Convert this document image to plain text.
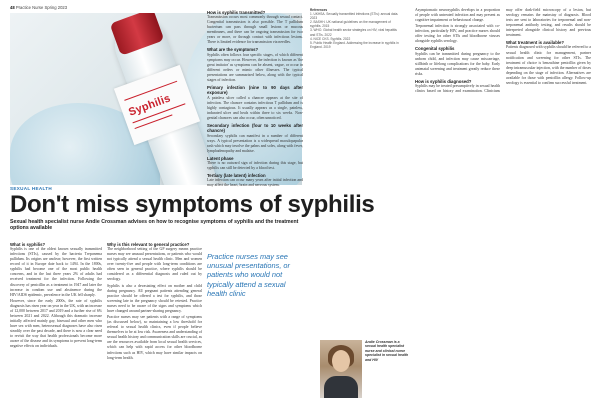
48 Practice Nurse Spring 2023
Syphilis
SEXUAL HEALTH
Don't miss symptoms of syphilis
Sexual health specialist nurse Andie Crossman advises on how to recognise symptoms of syphilis and the treatment options available
What is syphilis?

Syphilis is one of the oldest known sexually transmitted infections (STIs), caused by the bacteria Treponema pallidum. Its origins are unclear; however, the first written record of it in Europe date back to 1494. In the 1800s, syphilis had become one of the most public health concerns, and in the last three years 2% of adults had received treatment for the infection. Following the discovery of penicillin as a treatment in 1947 and later the increase in condom use and abstinence during the HIV/AIDS epidemic, prevalence in the UK fell sharply.

However, since the early 2000s, the rate of syphilis diagnosis has risen year on year in the UK, with an increase of 12,000 between 2017 and 2019 and a further rise of 6% between 2021 and 2022. Although this dramatic increase initially affected mainly gay, bisexual and other men who have sex with men, heterosexual diagnoses have also risen steadily over the past decade, and there is now a clear need to revisit the way that health professionals become more aware of the disease and its symptoms to prevent long-term negative effects on individuals.

Why is this relevant to general practice?

The neighborhood setting of the GP surgery means practice nurses may see unusual presentations, or patients who would not typically attend a sexual health clinic. Men and women over twenty-five and people with long-term conditions are often seen in general practice, where syphilis should be considered as a differential diagnosis and ruled out by serology.

Syphilis is also a devastating effect on mother and child during pregnancy. All pregnant patients attending general practice should be offered a test for syphilis, and those screening late in the pregnancy should be retested. Practice nurses need to be aware of the signs and symptoms which have changed around partner-sharing pregnancy.

Practice nurses may see patients with a range of symptoms (as discussed below), so maintaining a low threshold for referral to sexual health clinics, even if people believe themselves to be at low risk. Awareness and understanding of sexual health history and communication skills are crucial, as are the resources available from local sexual health services, which can help with rapid access for other bloodborne infections such as HIV, which may have similar impacts on long-term health.

Practice nurses may see unusual presentations, or patients who would not typically attend a sexual health clinic
How is syphilis transmitted?

Transmission occurs most commonly through sexual contact. Congenital transmission is also possible. The T pallidum bacterium can pass through small lesions or mucous membranes, and there can be ongoing transmission for two years or more, or through contact with infectious lesions. There is limited evidence for transmission via needles.

What are the symptoms?

Syphilis often follows four specific stages, of which different symptoms may occur. However, the infection is known as 'the great imitator' as symptoms can be absent, vague, or occur in different orders or mimic other illnesses. The typical presentations are summarised below, along with the typical stages of infection.

Primary infection (nine to 90 days after exposure)

A painless ulcer called a chancre appears at the site of infection. The chancre contains infectious T pallidum and is highly contagious. It usually appears as a single, painless, indurated ulcer and heals within three to six weeks. Non-genital chancres can also occur, often unnoticed.

Secondary infection (four to 10 weeks after chancre)

Secondary syphilis can manifest in a number of different ways. A typical presentation is a widespread maculopapular rash which may involve the palms and soles, along with fever, lymphadenopathy and malaise.

Latent phase

There is no outward sign of infection during this stage, but syphilis can still be detected by a blood test.

Tertiary (late latent) infection

Late infection can occur many years after initial infection and may affect the heart, brain and nervous system.

References
1. UKHSA. Sexually transmitted infections (STIs): annual data. 2023
2. BASHH. UK national guidelines on the management of syphilis. 2015
3. WHO. Global health sector strategies on HIV, viral hepatitis and STIs. 2022
4. NICE CKS. Syphilis. 2022
5. Public Health England. Addressing the increase in syphilis in England. 2019

Asymptomatic neurosyphilis develops in a proportion of people with untreated infection and may present as cognitive impairment or behavioural change.

Treponemal infection is strongly associated with co-infection, particularly HIV, and practice nurses should offer testing for other STIs and bloodborne viruses alongside syphilis serology.

Congenital syphilis

Syphilis can be transmitted during pregnancy to the unborn child, and infection may cause miscarriage, stillbirth or lifelong complications for the baby. Early antenatal screening and treatment greatly reduce these risks.

How is syphilis diagnosed?

Syphilis may be treated presumptively in sexual health clinics based on history and examination. Clinicians may offer dark-field microscopy of a lesion, but serology remains the mainstay of diagnosis. Blood tests are sent to laboratories for treponemal and non-treponemal antibody testing, and results should be interpreted alongside clinical history and previous treatment.

What treatment is available?

Patients diagnosed with syphilis should be referred to a sexual health clinic for management, partner notification and screening for other STIs. The treatment of choice is benzathine penicillin given by deep intramuscular injection, with the number of doses depending on the stage of infection. Alternatives are available for those with penicillin allergy. Follow-up serology is essential to confirm successful treatment.

Andie Crossman is a sexual health specialist nurse and clinical nurse specialist in sexual health and HIV
